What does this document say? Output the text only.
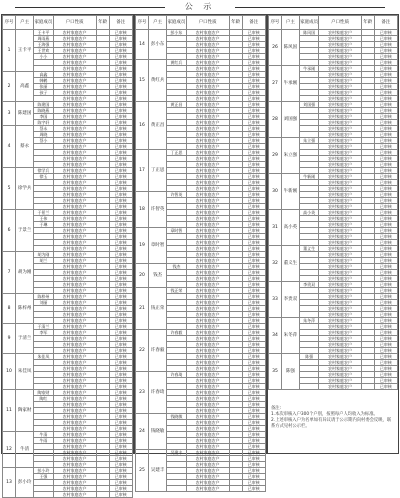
公 示
序号	户主	家庭成员	户口性质	年龄	备注
1	王卡平	王卡平	农村家庭农户		已审核
		周雨燕	农村家庭农户		已审核
		王海强	农村家庭农户		已审核
		王世欢	农村家庭农户		已审核
		小小	农村家庭农户		已审核
			农村家庭农户		已审核
			农村家庭农户		已审核
2	高鑫	高鑫	农村家庭农户		已审核
		韩鹤	农村家庭农户		已审核
		张丽	农村家庭农户		已审核
		孩子	农村家庭农户		已审核
			农村家庭农户		已审核
3	陈建国	陈建国	农村家庭农户		已审核
		陈晓燕	农村家庭农户		已审核
		李国	农村家庭农户		已审核
		陈宇轩	农村家庭农户		已审核
4	蔡永	蔡永	农村家庭农户		已审核
		周晓	农村家庭农户		已审核
		蔡小	农村家庭农户		已审核
			农村家庭农户		已审核
			农村家庭农户		已审核
			农村家庭农户		已审核
			农村家庭农户		已审核
5	徐学兵	徐学兵	农村家庭农户		已审核
		徐玉	农村家庭农户		已审核
			农村家庭农户		已审核
			农村家庭农户		已审核
			农村家庭农户		已审核
			农村家庭农户		已审核
			农村家庭农户		已审核
6	于景兰	于景兰	农村家庭农户		已审核
		王伟	农村家庭农户		已审核
		于琳	农村家庭农户		已审核
			农村家庭农户		已审核
			农村家庭农户		已审核
			农村家庭农户		已审核
			农村家庭农户		已审核
7	胡为刚	胡为刚	农村家庭农户		已审核
		胡兰	农村家庭农户		已审核
			农村家庭农户		已审核
			农村家庭农户		已审核
			农村家庭农户		已审核
			农村家庭农户		已审核
			农村家庭农户		已审核
8	陈梓州	陈梓州	农村家庭农户		已审核
		刘丽	农村家庭农户		已审核
			农村家庭农户		已审核
			农村家庭农户		已审核
			农村家庭农户		已审核
9	于清兰	于清兰	农村家庭农户		已审核
		李军	农村家庭农户		已审核
			农村家庭农户		已审核
			农村家庭农户		已审核
			农村家庭农户		已审核
10	朱佳凤	朱佳凤	农村家庭农户		已审核
			农村家庭农户		已审核
			农村家庭农户		已审核
			农村家庭农户		已审核
			农村家庭农户		已审核
			农村家庭农户		已审核
11	陶家财	陶家财	农村家庭农户		已审核
		陶红	农村家庭农户		已审核
			农村家庭农户		已审核
			农村家庭农户		已审核
			农村家庭农户		已审核
			农村家庭农户		已审核
			农村家庭农户		已审核
12	牛清	牛清	农村家庭农户		已审核
		牛雨	农村家庭农户		已审核
			农村家庭农户		已审核
			农村家庭农户		已审核
			农村家庭农户		已审核
			农村家庭农户		已审核
13	彭小玲	彭小玲	农村家庭农户		已审核
		王强	农村家庭农户		已审核
			农村家庭农户		已审核
			农村家庭农户		已审核
			农村家庭农户		已审核
序号	户主	家庭成员	户口性质	年龄	备注
14	彭小东	彭小东	农村家庭农户		已审核
			农村家庭农户		已审核
			农村家庭农户		已审核
			农村家庭农户		已审核
			农村家庭农户		已审核
15	黄红兵	黄红兵	农村家庭农户		已审核
			农村家庭农户		已审核
			农村家庭农户		已审核
			农村家庭农户		已审核
			农村家庭农户		已审核
			农村家庭农户		已审核
			农村家庭农户		已审核
16	黄正昌	黄正昌	农村家庭农户		已审核
			农村家庭农户		已审核
			农村家庭农户		已审核
			农村家庭农户		已审核
			农村家庭农户		已审核
			农村家庭农户		已审核
			农村家庭农户		已审核
			农村家庭农户		已审核
17	丁正思	丁正思	农村家庭农户		已审核
			农村家庭农户		已审核
			农村家庭农户		已审核
			农村家庭农户		已审核
			农村家庭农户		已审核
			农村家庭农户		已审核
			农村家庭农户		已审核
18	许智英	许智英	农村家庭农户		已审核
			农村家庭农户		已审核
			农村家庭农户		已审核
			农村家庭农户		已审核
			农村家庭农户		已审核
			农村家庭农户		已审核
19	章时智	章时智	农村家庭农户		已审核
			农村家庭农户		已审核
			农村家庭农户		已审核
			农村家庭农户		已审核
			农村家庭农户		已审核
			农村家庭农户		已审核
20	钱杰	钱杰	农村家庭农户		已审核
			农村家庭农户		已审核
			农村家庭农户		已审核
			农村家庭农户		已审核
21	钱正荣	钱正荣	农村家庭农户		已审核
			农村家庭农户		已审核
			农村家庭农户		已审核
			农村家庭农户		已审核
			农村家庭农户		已审核
			农村家庭农户		已审核
			农村家庭农户		已审核
22	许春毅	许春毅	农村家庭农户		已审核
			农村家庭农户		已审核
			农村家庭农户		已审核
			农村家庭农户		已审核
			农村家庭农户		已审核
			农村家庭农户		已审核
			农村家庭农户		已审核
23	许春琦	许春琦	农村家庭农户		已审核
			农村家庭农户		已审核
			农村家庭农户		已审核
			农村家庭农户		已审核
			农村家庭农户		已审核
			农村家庭农户		已审核
			农村家庭农户		已审核
24	钱晓敏	钱晓敏	农村家庭农户		已审核
			农村家庭农户		已审核
			农村家庭农户		已审核
			农村家庭农户		已审核
			农村家庭农户		已审核
			农村家庭农户		已审核
25	吴建丰	吴建丰	农村家庭农户		已审核
			农村家庭农户		已审核
			农村家庭农户		已审核
			农村家庭农户		已审核
			农村家庭农户		已审核
			农村家庭农户		已审核
			农村家庭农户		已审核
序号	户主	家庭成员	户口性质	年龄	备注
26	陈风国	陈风国	农村家庭农户		已审核
			农村家庭农户		已审核
			农村家庭农户		已审核
			农村家庭农户		已审核
			农村家庭农户		已审核
			农村家庭农户		已审核
27	牛承刚	牛承刚	农村家庭农户		已审核
			农村家庭农户		已审核
			农村家庭农户		已审核
			农村家庭农户		已审核
			农村家庭农户		已审核
			农村家庭农户		已审核
28	刘国强	刘国强	农村家庭农户		已审核
			农村家庭农户		已审核
			农村家庭农户		已审核
			农村家庭农户		已审核
			农村家庭农户		已审核
			农村家庭农户		已审核
29	朱立强	朱立强	农村家庭农户		已审核
			农村家庭农户		已审核
			农村家庭农户		已审核
			农村家庭农户		已审核
			农村家庭农户		已审核
			农村家庭农户		已审核
30	牛新刚	牛新刚	农村家庭农户		已审核
			农村家庭农户		已审核
			农村家庭农户		已审核
			农村家庭农户		已审核
			农村家庭农户		已审核
			农村家庭农户		已审核
31	高小英	高小英	农村家庭农户		已审核
			农村家庭农户		已审核
			农村家庭农户		已审核
			农村家庭农户		已审核
			农村家庭农户		已审核
			农村家庭农户		已审核
32	董义生	董义生	农村家庭农户		已审核
			农村家庭农户		已审核
			农村家庭农户		已审核
			农村家庭农户		已审核
			农村家庭农户		已审核
			农村家庭农户		已审核
33	李贵双	李贵双	农村家庭农户		已审核
			农村家庭农户		已审核
			农村家庭农户		已审核
			农村家庭农户		已审核
			农村家庭农户		已审核
			农村家庭农户		已审核
34	朱冬萍	朱冬萍	农村家庭农户		已审核
			农村家庭农户		已审核
			农村家庭农户		已审核
			农村家庭农户		已审核
			农村家庭农户		已审核
			农村家庭农户		已审核
35	陈强	陈强	农村家庭农户		已审核
			农村家庭农户		已审核
			农村家庭农户		已审核
			农村家庭农户		已审核
			农村家庭农户		已审核
			农村家庭农户		已审核
备注:
1.本次审核入户300个户别，按照每户人均收入为标准。
2.上述审核入户为名单如有异议请于公示期内向村委会反映，联系方式见村公示栏。
